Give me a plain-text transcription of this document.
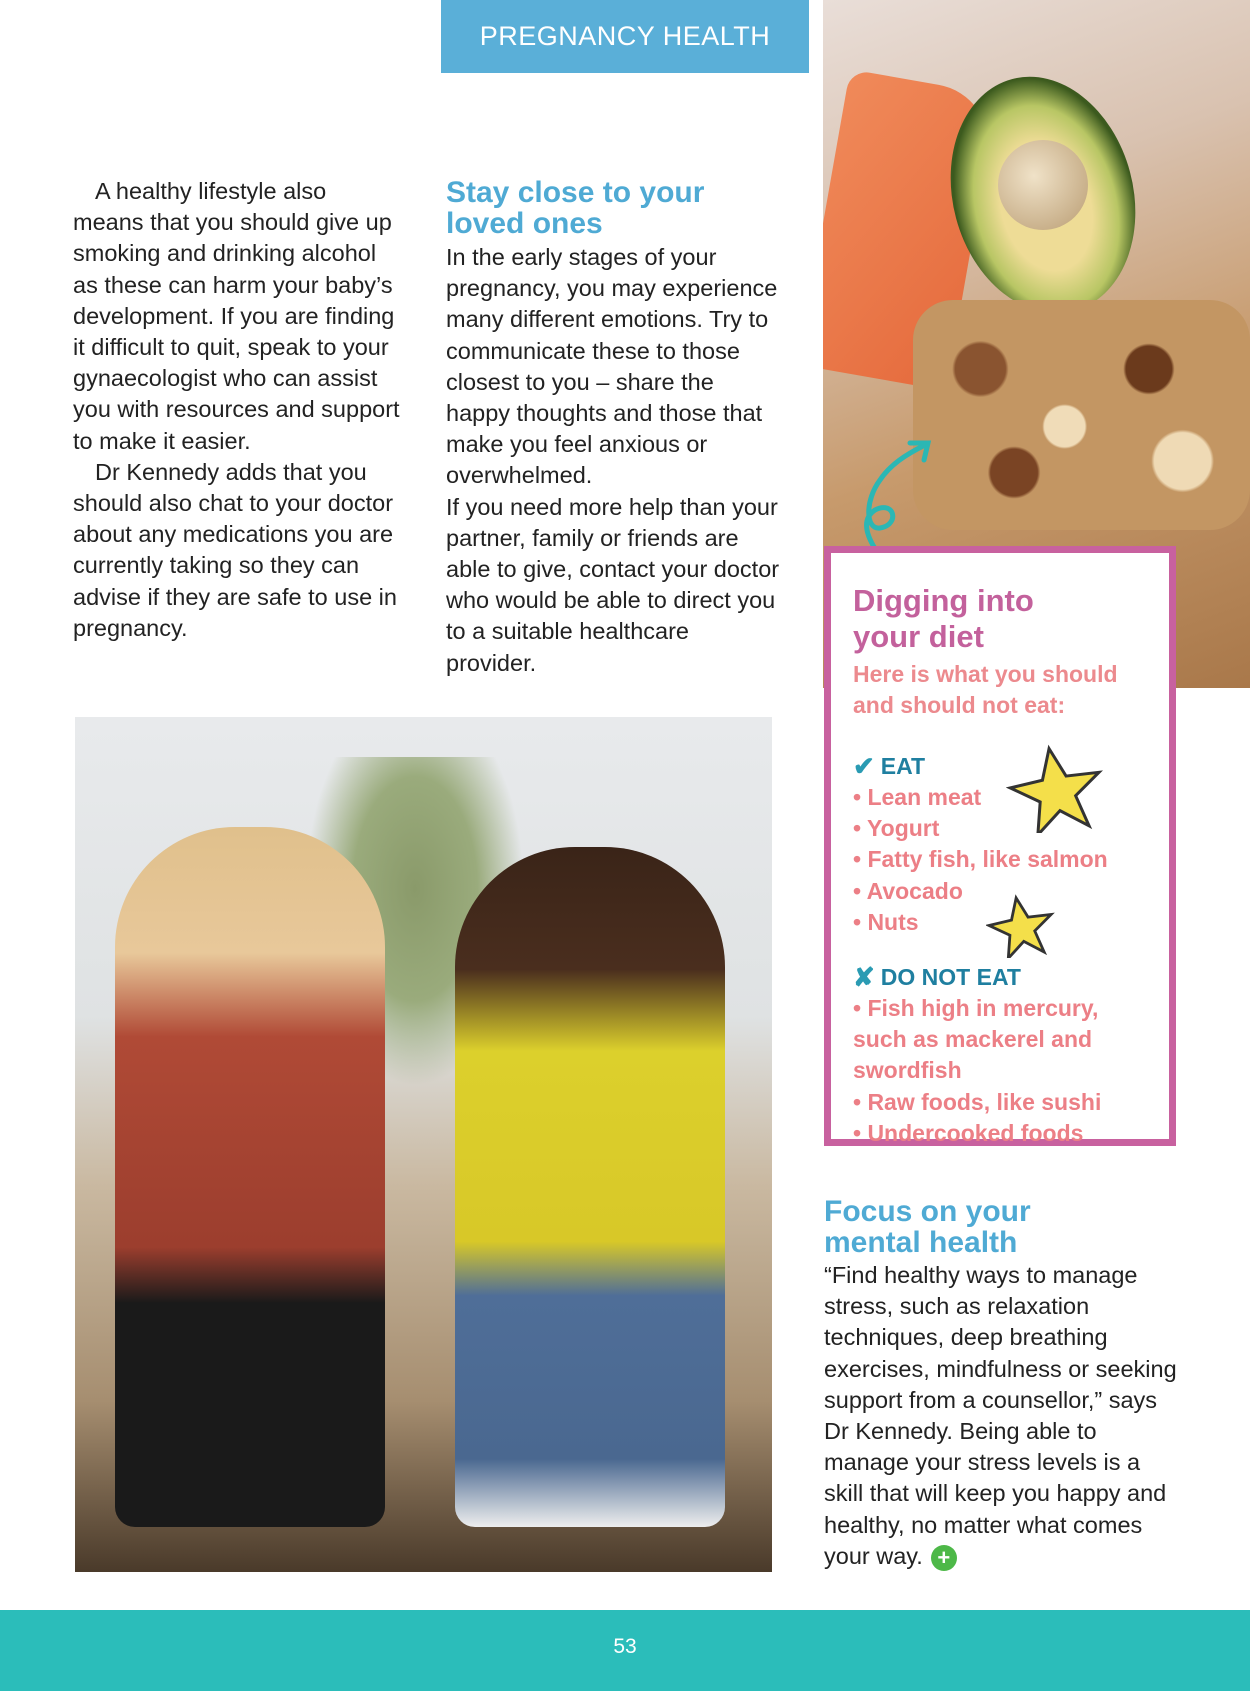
PREGNANCY HEALTH

A healthy lifestyle also means that you should give up smoking and drinking alcohol as these can harm your baby’s development. If you are finding it difficult to quit, speak to your gynaecologist who can assist you with resources and support to make it easier.

Dr Kennedy adds that you should also chat to your doctor about any medications you are currently taking so they can advise if they are safe to use in pregnancy.

Stay close to your loved ones

In the early stages of your pregnancy, you may experience many different emotions. Try to communicate these to those closest to you – share the happy thoughts and those that make you feel anxious or overwhelmed.

If you need more help than your partner, family or friends are able to give, contact your doctor who would be able to direct you to a suitable healthcare provider.

Digging into your diet
Here is what you should and should not eat:
✔ EAT
• Lean meat
• Yogurt
• Fatty fish, like salmon
• Avocado
• Nuts
✘ DO NOT EAT
• Fish high in mercury, such as mackerel and swordfish
• Raw foods, like sushi
• Undercooked foods
Focus on your mental health

“Find healthy ways to manage stress, such as relaxation techniques, deep breathing exercises, mindfulness or seeking support from a counsellor,” says Dr Kennedy. Being able to manage your stress levels is a skill that will keep you happy and healthy, no matter what comes your way. +

53
